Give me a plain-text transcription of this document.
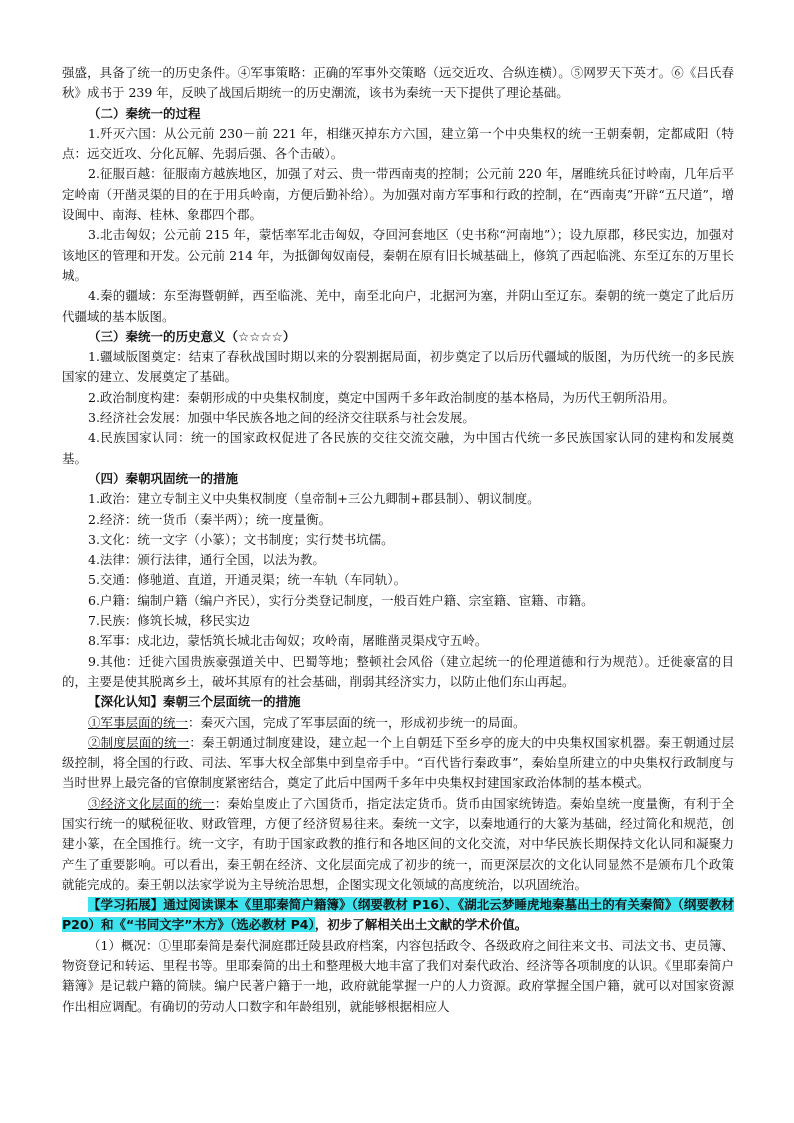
强盛，具备了统一的历史条件。④军事策略：正确的军事外交策略（远交近攻、合纵连横）。⑤网罗天下英才。⑥《吕氏春秋》成书于 239 年，反映了战国后期统一的历史潮流，该书为秦统一天下提供了理论基础。

（二）秦统一的过程

1.歼灭六国：从公元前 230－前 221 年，相继灭掉东方六国，建立第一个中央集权的统一王朝秦朝，定都咸阳（特点：远交近攻、分化瓦解、先弱后强、各个击破）。

2.征服百越：征服南方越族地区，加强了对云、贵一带西南夷的控制；公元前 220 年，屠睢统兵征讨岭南，几年后平定岭南（开凿灵渠的目的在于用兵岭南，方便后勤补给）。为加强对南方军事和行政的控制，在“西南夷”开辟“五尺道”，增设闽中、南海、桂林、象郡四个郡。

3.北击匈奴；公元前 215 年，蒙恬率军北击匈奴，夺回河套地区（史书称“河南地”）；设九原郡，移民实边，加强对该地区的管理和开发。公元前 214 年，为抵御匈奴南侵，秦朝在原有旧长城基础上，修筑了西起临洮、东至辽东的万里长城。

4.秦的疆域：东至海暨朝鲜，西至临洮、羌中，南至北向户，北据河为塞，并阴山至辽东。秦朝的统一奠定了此后历代疆域的基本版图。

（三）秦统一的历史意义（☆☆☆☆）

1.疆域版图奠定：结束了春秋战国时期以来的分裂割据局面，初步奠定了以后历代疆域的版图，为历代统一的多民族国家的建立、发展奠定了基础。

2.政治制度构建：秦朝形成的中央集权制度，奠定中国两千多年政治制度的基本格局，为历代王朝所沿用。

3.经济社会发展：加强中华民族各地之间的经济交往联系与社会发展。

4.民族国家认同：统一的国家政权促进了各民族的交往交流交融，为中国古代统一多民族国家认同的建构和发展奠基。

（四）秦朝巩固统一的措施

1.政治：建立专制主义中央集权制度（皇帝制+三公九卿制+郡县制）、朝议制度。

2.经济：统一货币（秦半两）；统一度量衡。

3.文化：统一文字（小篆）；文书制度；实行焚书坑儒。

4.法律：颁行法律，通行全国，以法为教。

5.交通：修驰道、直道，开通灵渠；统一车轨（车同轨）。

6.户籍：编制户籍（编户齐民），实行分类登记制度，一般百姓户籍、宗室籍、宦籍、市籍。

7.民族：修筑长城，移民实边

8.军事：戍北边，蒙恬筑长城北击匈奴；攻岭南，屠睢凿灵渠戍守五岭。

9.其他：迁徙六国贵族豪强道关中、巴蜀等地；整顿社会风俗（建立起统一的伦理道德和行为规范）。迁徙豪富的目的，主要是使其脱离乡土，破坏其原有的社会基础，削弱其经济实力，以防止他们东山再起。

【深化认知】秦朝三个层面统一的措施

①军事层面的统一：秦灭六国，完成了军事层面的统一，形成初步统一的局面。

②制度层面的统一：秦王朝通过制度建设，建立起一个上自朝廷下至乡亭的庞大的中央集权国家机器。秦王朝通过层级控制，将全国的行政、司法、军事大权全部集中到皇帝手中。“百代皆行秦政事”，秦始皇所建立的中央集权行政制度与当时世界上最完备的官僚制度紧密结合，奠定了此后中国两千多年中央集权封建国家政治体制的基本模式。

③经济文化层面的统一：秦始皇废止了六国货币，指定法定货币。货币由国家统铸造。秦始皇统一度量衡，有利于全国实行统一的赋税征收、财政管理，方便了经济贸易往来。秦统一文字，以秦地通行的大篆为基础，经过简化和规范，创建小篆，在全国推行。统一文字，有助于国家政教的推行和各地区间的文化交流，对中华民族长期保持文化认同和凝聚力产生了重要影响。可以看出，秦王朝在经济、文化层面完成了初步的统一，而更深层次的文化认同显然不是颁布几个政策就能完成的。秦王朝以法家学说为主导统治思想，企图实现文化领域的高度统治，以巩固统治。

【学习拓展】通过阅读课本《里耶秦简户籍簿》（纲要教材 P16）、《湖北云梦睡虎地秦墓出土的有关秦简》（纲要教材 P20）和《“书同文字”木方》（选必教材 P4），初步了解相关出土文献的学术价值。

（1）概况：①里耶秦简是秦代洞庭郡迁陵县政府档案，内容包括政令、各级政府之间往来文书、司法文书、吏员簿、物资登记和转运、里程书等。里耶秦简的出土和整理极大地丰富了我们对秦代政治、经济等各项制度的认识。《里耶秦简户籍簿》是记载户籍的简牍。编户民著户籍于一地，政府就能掌握一户的人力资源。政府掌握全国户籍，就可以对国家资源作出相应调配。有确切的劳动人口数字和年龄组别，就能够根据相应人
